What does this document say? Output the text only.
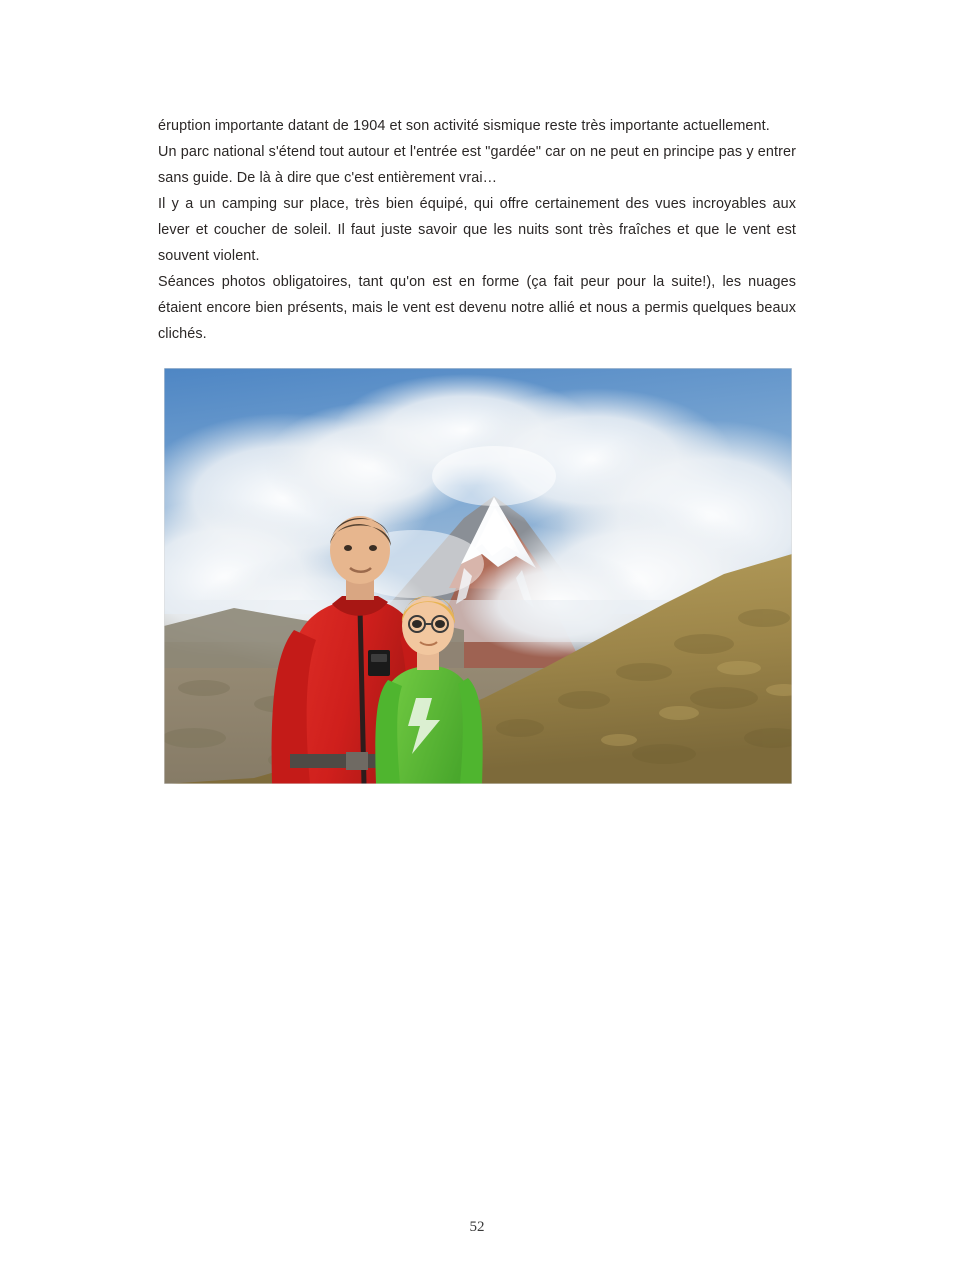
éruption importante datant de 1904 et son activité sismique reste très importante actuellement.

Un parc national s'étend tout autour et l'entrée est "gardée" car on ne peut en principe pas y entrer sans guide. De là à dire que c'est entièrement vrai…

Il y a un camping sur place, très bien équipé, qui offre certainement des vues incroyables aux lever et coucher de soleil. Il faut juste savoir que les nuits sont très fraîches et que le vent est souvent violent.

Séances photos obligatoires, tant qu'on est en forme (ça fait peur pour la suite!), les nuages étaient encore bien présents, mais le vent est devenu notre allié et nous a permis quelques beaux clichés.

52
